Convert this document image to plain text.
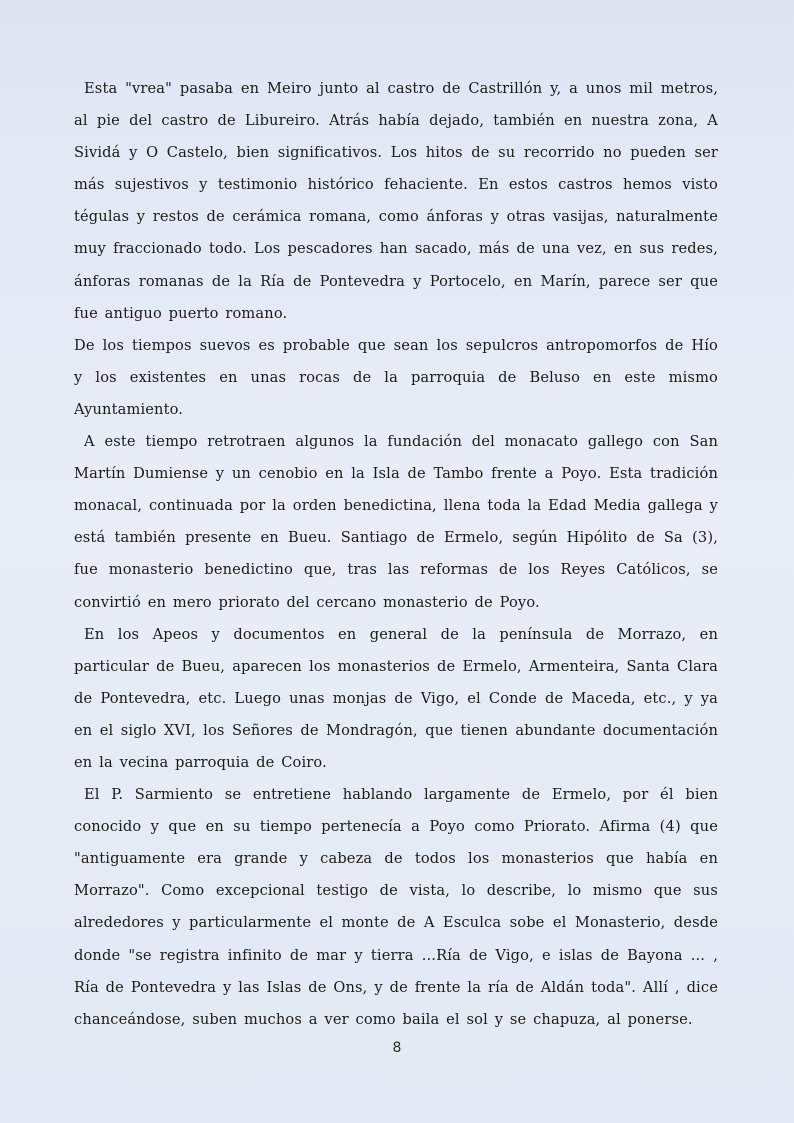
Esta "vrea" pasaba en Meiro junto al castro de Castrillón y, a unos mil metros, al pie del castro de Libureiro. Atrás había dejado, también en nuestra zona, A Sividá y O Castelo, bien significativos. Los hitos de su recorrido no pueden ser más sujestivos y testimonio histórico fehaciente. En estos castros hemos visto tégulas y restos de cerámica romana, como ánforas y otras vasijas, naturalmente muy fraccionado todo. Los pescadores han sacado, más de una vez, en sus redes, ánforas romanas de la Ría de Pontevedra y Portocelo, en Marín, parece ser que fue antiguo puerto romano.

De los tiempos suevos es probable que sean los sepulcros antropomorfos de Hío y los existentes en unas rocas de la parroquia de Beluso en este mismo Ayuntamiento.

A este tiempo retrotraen algunos la fundación del monacato gallego con San Martín Dumiense y un cenobio en la Isla de Tambo frente a Poyo. Esta tradición monacal, continuada por la orden benedictina, llena toda la Edad Media gallega y está también presente en Bueu. Santiago de Ermelo, según Hipólito de Sa (3), fue monasterio benedictino que, tras las reformas de los Reyes Católicos, se convirtió en mero priorato del cercano monasterio de Poyo.

En los Apeos y documentos en general de la península de Morrazo, en particular de Bueu, aparecen los monasterios de Ermelo, Armenteira, Santa Clara de Pontevedra, etc. Luego unas monjas de Vigo, el Conde de Maceda, etc., y ya en el siglo XVI, los Señores de Mondragón, que tienen abundante documentación en la vecina parroquia de Coiro.

El P. Sarmiento se entretiene hablando largamente de Ermelo, por él bien conocido y que en su tiempo pertenecía a Poyo como Priorato. Afirma (4) que "antiguamente era grande y cabeza de todos los monasterios que había en Morrazo". Como excepcional testigo de vista, lo describe, lo mismo que sus alrededores y particularmente el monte de A Esculca sobe el Monasterio, desde donde "se registra infinito de mar y tierra ...Ría de Vigo, e islas de Bayona ... , Ría de Pontevedra y las Islas de Ons, y de frente la ría de Aldán toda". Allí , dice chanceándose, suben muchos a ver como baila el sol y se chapuza, al ponerse.

8
